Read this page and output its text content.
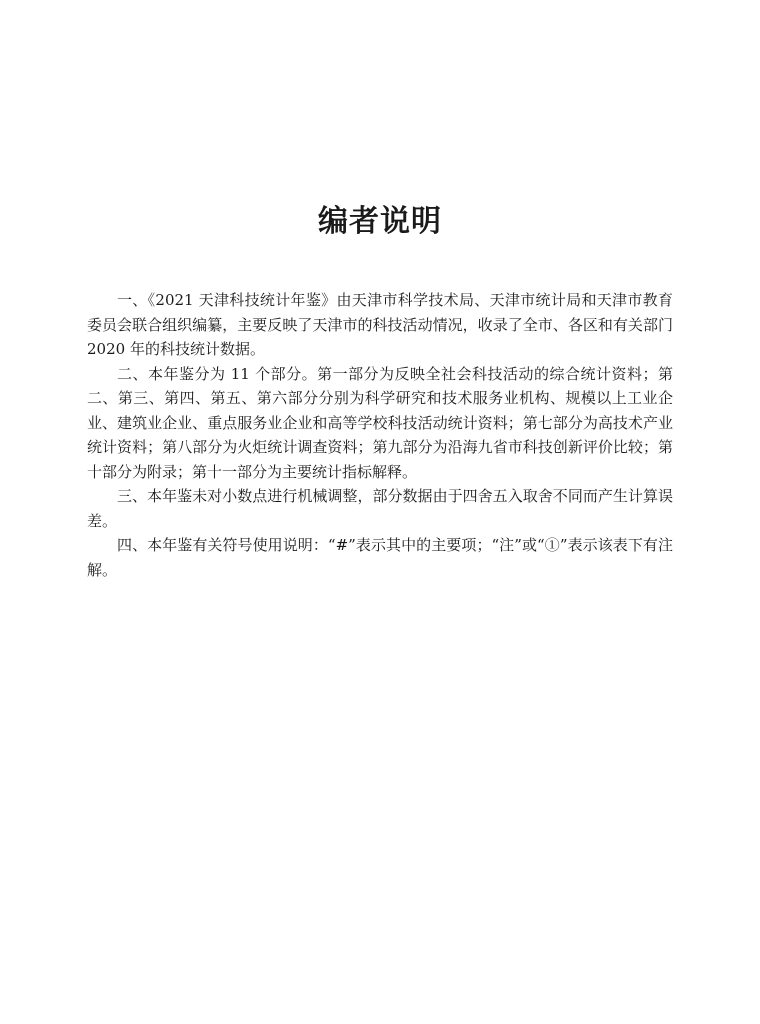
编者说明

一、《2021 天津科技统计年鉴》由天津市科学技术局、天津市统计局和天津市教育委员会联合组织编纂，主要反映了天津市的科技活动情况，收录了全市、各区和有关部门 2020 年的科技统计数据。

二、本年鉴分为 11 个部分。第一部分为反映全社会科技活动的综合统计资料；第二、第三、第四、第五、第六部分分别为科学研究和技术服务业机构、规模以上工业企业、建筑业企业、重点服务业企业和高等学校科技活动统计资料；第七部分为高技术产业统计资料；第八部分为火炬统计调查资料；第九部分为沿海九省市科技创新评价比较；第十部分为附录；第十一部分为主要统计指标解释。

三、本年鉴未对小数点进行机械调整，部分数据由于四舍五入取舍不同而产生计算误差。

四、本年鉴有关符号使用说明：“#”表示其中的主要项；“注”或“①”表示该表下有注解。
